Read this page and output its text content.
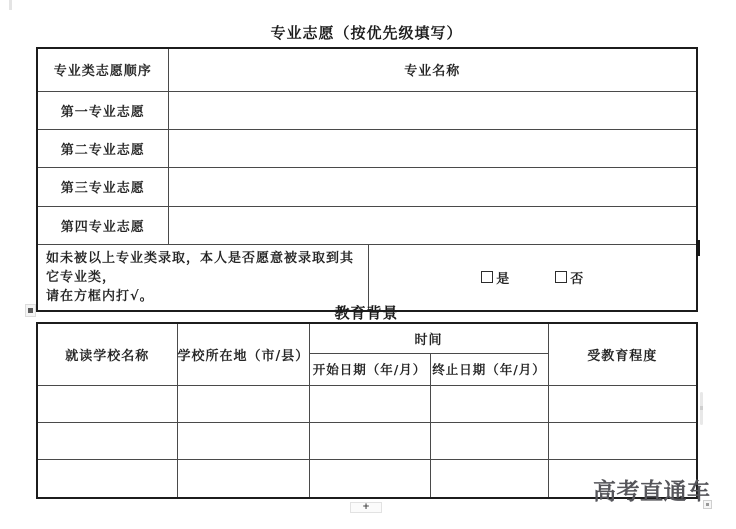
专业志愿（按优先级填写）
专业类志愿顺序	专业名称	
第一专业志愿		
第二专业志愿		
第三专业志愿		
第四专业志愿		
如未被以上专业类录取，本人是否愿意被录取到其它专业类，
请在方框内打√。		是 否
教育背景
就读学校名称	学校所在地（市/县）	时间		受教育程度
		开始日期（年/月）	终止日期（年/月）	

高考直通车
+
